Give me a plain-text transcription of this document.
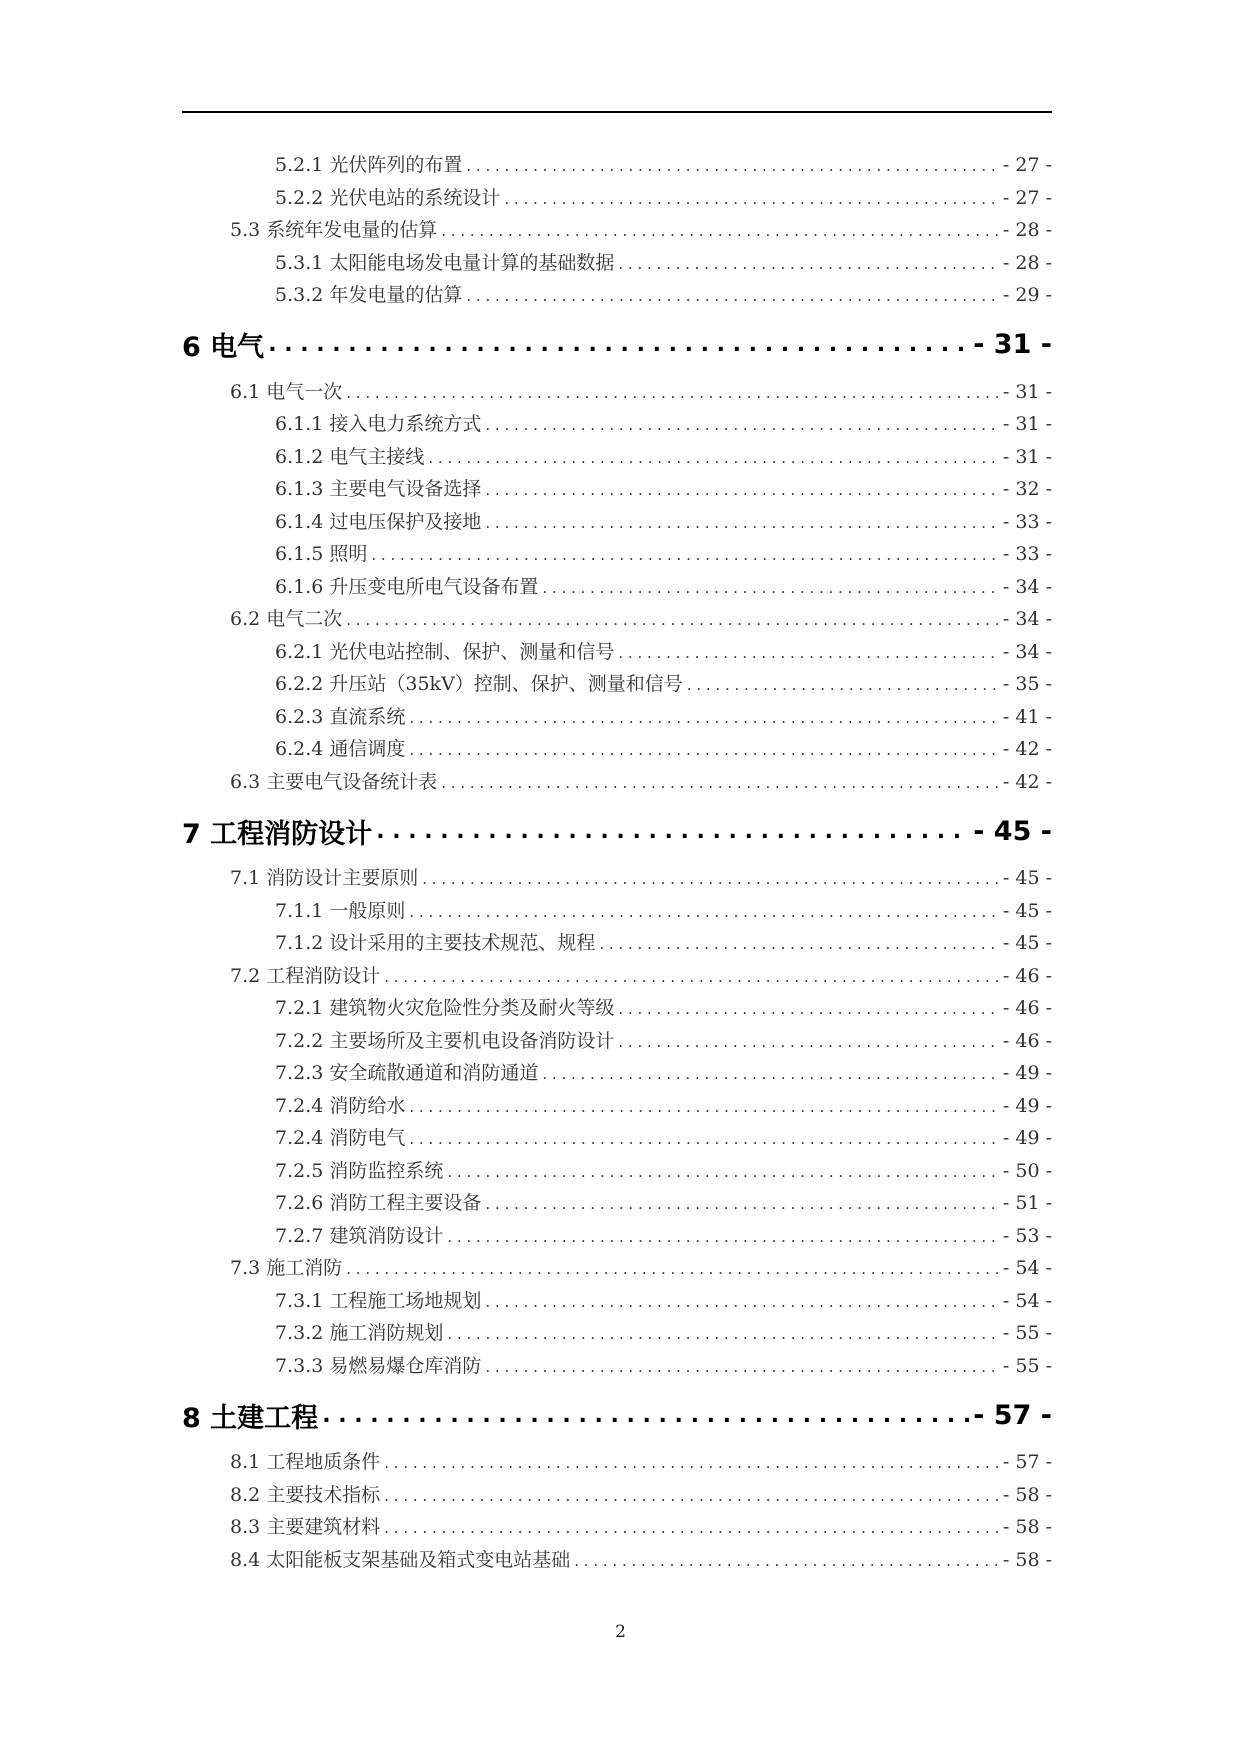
5.2.1 光伏阵列的布置 . . .	- 27 -
5.2.2 光伏电站的系统设计 . . .	- 27 -
5.3 系统年发电量的估算 . . .	- 28 -
5.3.1 太阳能电场发电量计算的基础数据 . . .	- 28 -
5.3.2 年发电量的估算 . . .	- 29 -
6 电气 . . .	- 31 -
6.1 电气一次 . . .	- 31 -
6.1.1 接入电力系统方式 . . .	- 31 -
6.1.2 电气主接线 . . .	- 31 -
6.1.3 主要电气设备选择 . . .	- 32 -
6.1.4 过电压保护及接地 . . .	- 33 -
6.1.5 照明 . . .	- 33 -
6.1.6 升压变电所电气设备布置 . . .	- 34 -
6.2 电气二次 . . .	- 34 -
6.2.1 光伏电站控制、保护、测量和信号 . . .	- 34 -
6.2.2 升压站（35kV）控制、保护、测量和信号 . . .	- 35 -
6.2.3 直流系统 . . .	- 41 -
6.2.4 通信调度 . . .	- 42 -
6.3 主要电气设备统计表 . . .	- 42 -
7 工程消防设计 . . .	- 45 -
7.1 消防设计主要原则 . . .	- 45 -
7.1.1 一般原则 . . .	- 45 -
7.1.2 设计采用的主要技术规范、规程 . . .	- 45 -
7.2 工程消防设计 . . .	- 46 -
7.2.1 建筑物火灾危险性分类及耐火等级 . . .	- 46 -
7.2.2 主要场所及主要机电设备消防设计 . . .	- 46 -
7.2.3 安全疏散通道和消防通道 . . .	- 49 -
7.2.4 消防给水 . . .	- 49 -
7.2.4 消防电气 . . .	- 49 -
7.2.5 消防监控系统 . . .	- 50 -
7.2.6 消防工程主要设备 . . .	- 51 -
7.2.7 建筑消防设计 . . .	- 53 -
7.3 施工消防 . . .	- 54 -
7.3.1 工程施工场地规划 . . .	- 54 -
7.3.2 施工消防规划 . . .	- 55 -
7.3.3 易燃易爆仓库消防 . . .	- 55 -
8 土建工程 . . .	- 57 -
8.1 工程地质条件 . . .	- 57 -
8.2 主要技术指标 . . .	- 58 -
8.3 主要建筑材料 . . .	- 58 -
8.4 太阳能板支架基础及箱式变电站基础 . . .	- 58 -
2
